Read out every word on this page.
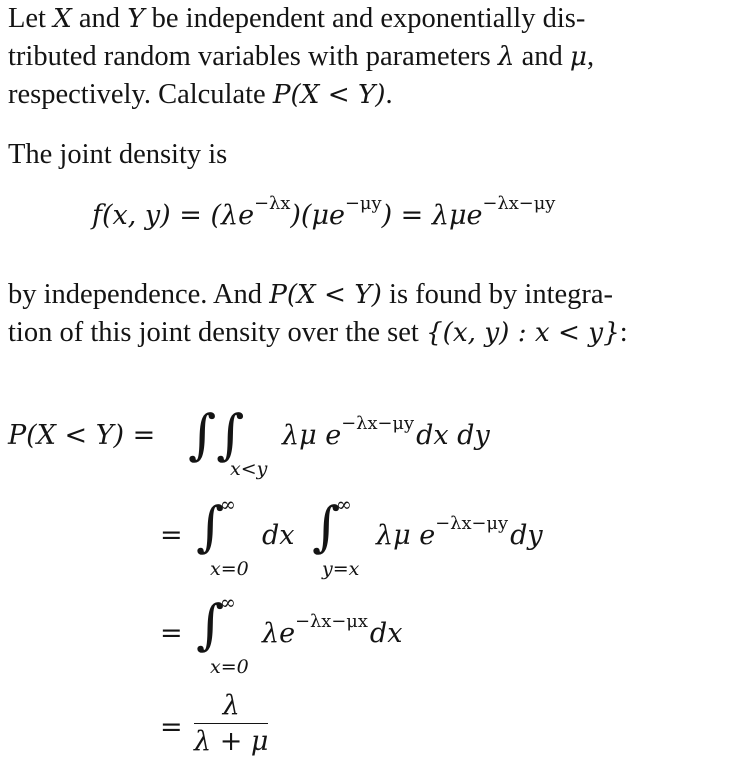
Let X and Y be independent and exponentially dis-

tributed random variables with parameters λ and μ,

respectively. Calculate P(X < Y).

The joint density is

f(x, $y) = (\lambda e^{-\lambda x})(\mu e^{-\mu y}) = \lambda\mu e^{-\lambda x-\mu y}$

by independence. And P(X < Y) is found by integra-

tion of this joint density over the set {(x, y) : x < y}:

P(X < Y) = ∫∫
x<y
λμ $e^{-\lambda x-\mu y}dx$ dy
= ∫
∞
x=0
dx ∫
∞
y=x
λμ $e^{-\lambda x-\mu y}dy$
= ∫
∞
x=0
$\lambda e^{-\lambda x-\mu x}dx$
= $\frac{\lambda}{\lambda + \mu}$
